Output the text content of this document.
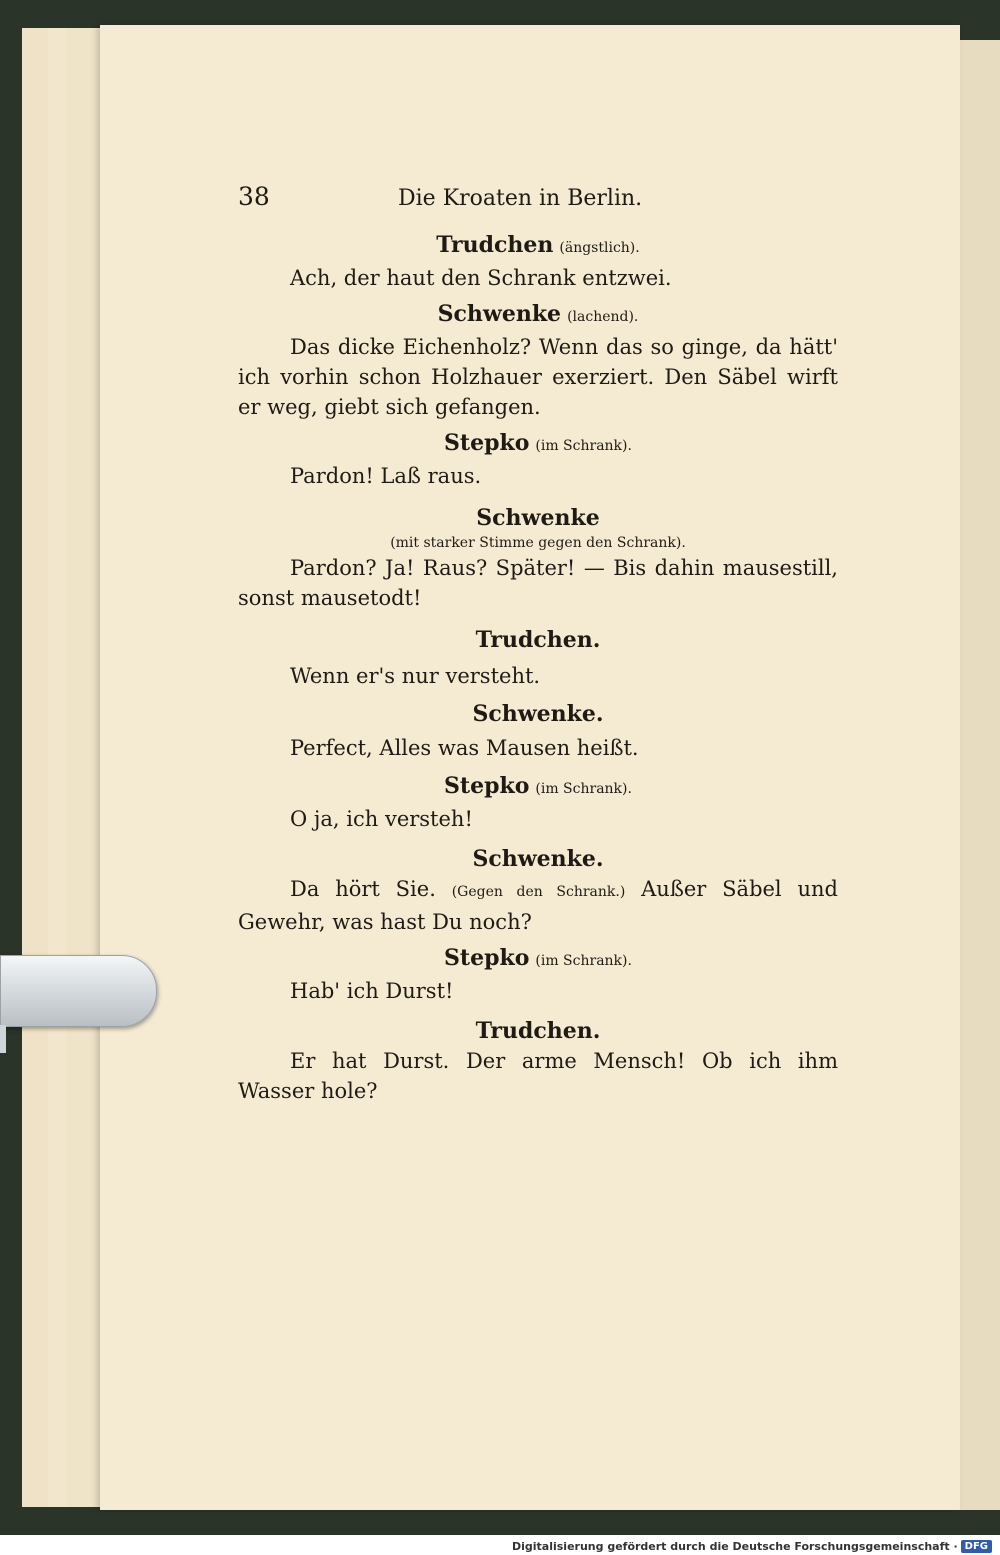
38	Die Kroaten in Berlin.
Trudchen (ängstlich).
Ach, der haut den Schrank entzwei.
Schwenke (lachend).
Das dicke Eichenholz? Wenn das so ginge, da hätt' ich vorhin schon Holzhauer exerziert. Den Säbel wirft er weg, giebt sich gefangen.
Stepko (im Schrank).
Pardon! Laß raus.
Schwenke
(mit starker Stimme gegen den Schrank).
Pardon? Ja! Raus? Später! — Bis dahin mausestill, sonst mausetodt!
Trudchen.
Wenn er's nur versteht.
Schwenke.
Perfect, Alles was Mausen heißt.
Stepko (im Schrank).
O ja, ich versteh!
Schwenke.
Da hört Sie. (Gegen den Schrank.) Außer Säbel und Gewehr, was hast Du noch?
Stepko (im Schrank).
Hab' ich Durst!
Trudchen.
Er hat Durst. Der arme Mensch! Ob ich ihm Wasser hole?
Digitalisierung gefördert durch die Deutsche Forschungsgemeinschaft · DFG
